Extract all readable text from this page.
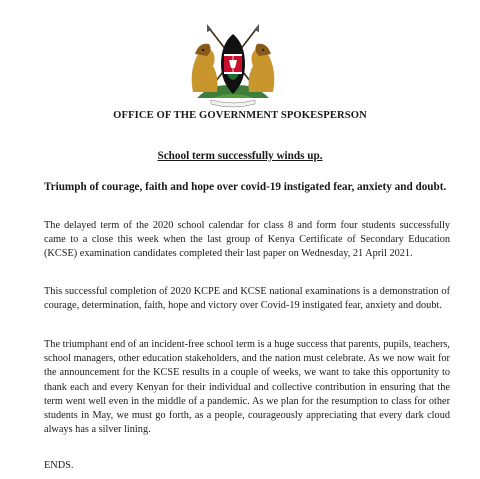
OFFICE OF THE GOVERNMENT SPOKESPERSON
School term successfully winds up.
Triumph of courage, faith and hope over covid-19 instigated fear, anxiety and doubt.

The delayed term of the 2020 school calendar for class 8 and form four students successfully came to a close this week when the last group of Kenya Certificate of Secondary Education (KCSE) examination candidates completed their last paper on Wednesday, 21 April 2021.

This successful completion of 2020 KCPE and KCSE national examinations is a demonstration of courage, determination, faith, hope and victory over Covid-19 instigated fear, anxiety and doubt.

The triumphant end of an incident-free school term is a huge success that parents, pupils, teachers, school managers, other education stakeholders, and the nation must celebrate. As we now wait for the announcement for the KCSE results in a couple of weeks, we want to take this opportunity to thank each and every Kenyan for their individual and collective contribution in ensuring that the term went well even in the middle of a pandemic. As we plan for the resumption to class for other students in May, we must go forth, as a people, courageously appreciating that every dark cloud always has a silver lining.

ENDS.
